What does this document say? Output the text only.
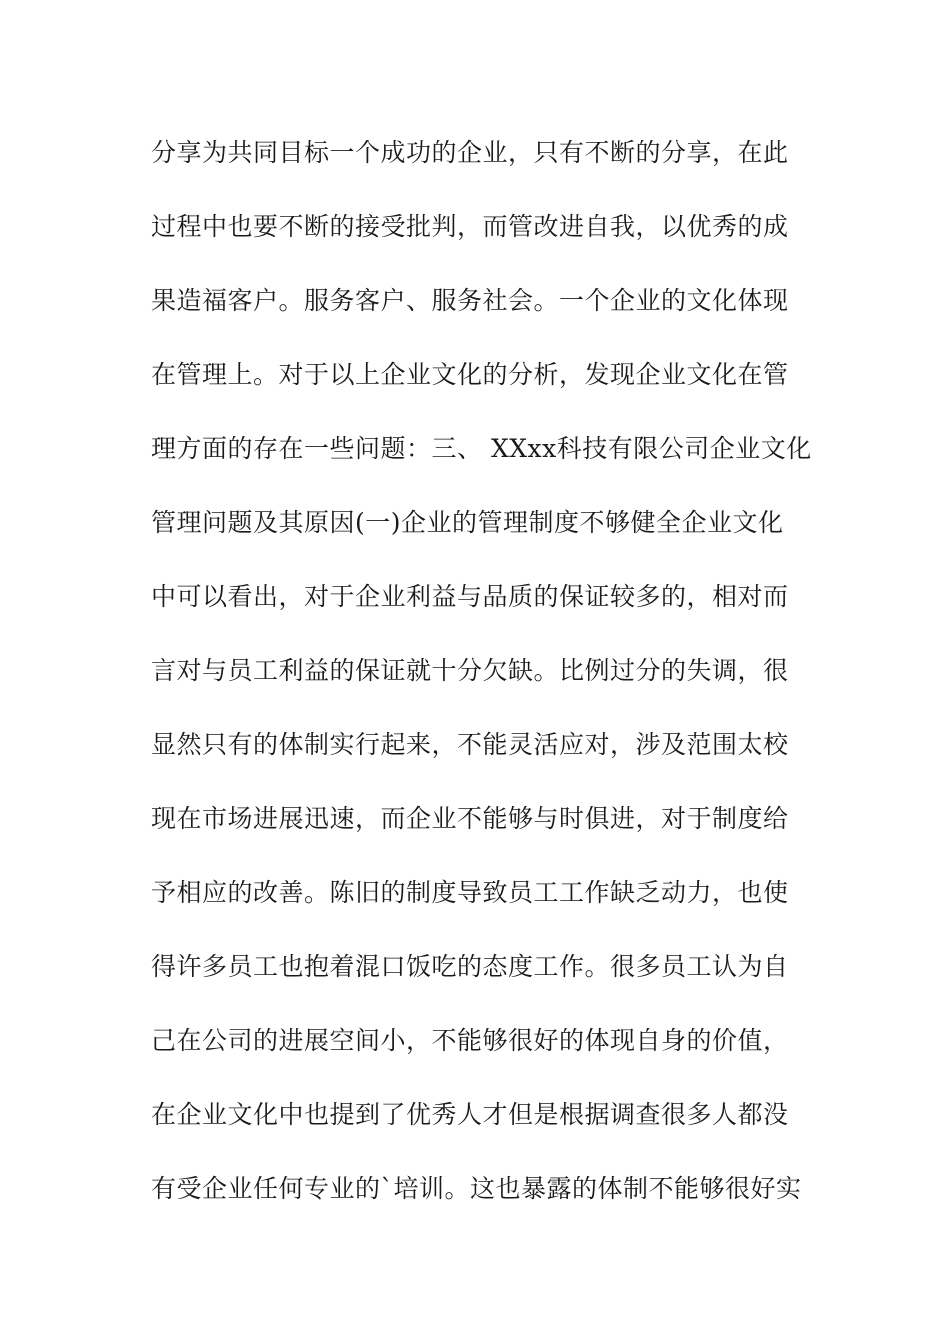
分享为共同目标一个成功的企业，只有不断的分享，在此
过程中也要不断的接受批判，而管改进自我，以优秀的成
果造福客户。服务客户、服务社会。一个企业的文化体现
在管理上。对于以上企业文化的分析，发现企业文化在管
理方面的存在一些问题：三、 XXxx科技有限公司企业文化
管理问题及其原因(一)企业的管理制度不够健全企业文化
中可以看出，对于企业利益与品质的保证较多的，相对而
言对与员工利益的保证就十分欠缺。比例过分的失调，很
显然只有的体制实行起来，不能灵活应对，涉及范围太校
现在市场进展迅速，而企业不能够与时俱进，对于制度给
予相应的改善。陈旧的制度导致员工工作缺乏动力，也使
得许多员工也抱着混口饭吃的态度工作。很多员工认为自
己在公司的进展空间小，不能够很好的体现自身的价值，
在企业文化中也提到了优秀人才但是根据调查很多人都没
有受企业任何专业的`培训。这也暴露的体制不能够很好实
